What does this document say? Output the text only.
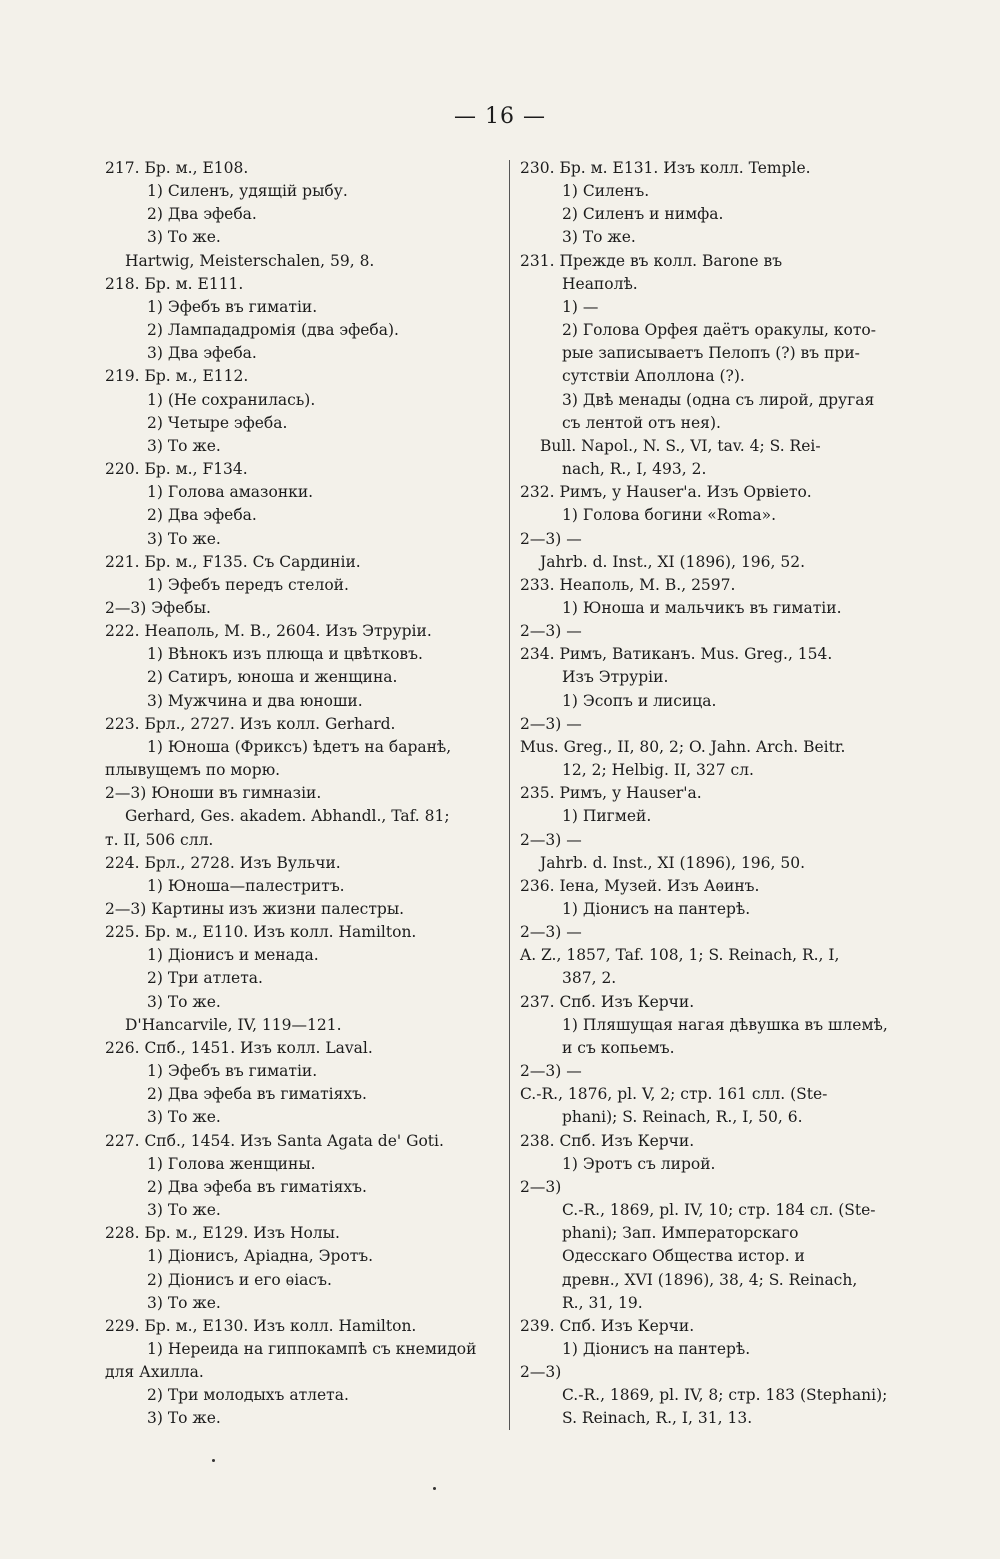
— 16 —
217. Бр. м., E108.
1) Силенъ, удящій рыбу.
2) Два эфеба.
3) То же.
Hartwig, Meisterschalen, 59, 8.
218. Бр. м. E111.
1) Эфебъ въ гиматіи.
2) Лампададромія (два эфеба).
3) Два эфеба.
219. Бр. м., E112.
1) (Не сохранилась).
2) Четыре эфеба.
3) То же.
220. Бр. м., F134.
1) Голова амазонки.
2) Два эфеба.
3) То же.
221. Бр. м., F135. Съ Сардиніи.
1) Эфебъ передъ стелой.
2—3) Эфебы.
222. Неаполь, М. В., 2604. Изъ Этруріи.
1) Вѣнокъ изъ плюща и цвѣтковъ.
2) Сатиръ, юноша и женщина.
3) Мужчина и два юноши.
223. Брл., 2727. Изъ колл. Gerhard.
1) Юноша (Фриксъ) ѣдетъ на баранѣ,
плывущемъ по морю.
2—3) Юноши въ гимназіи.
Gerhard, Ges. akadem. Abhandl., Taf. 81;
т. II, 506 слл.
224. Брл., 2728. Изъ Вульчи.
1) Юноша—палестритъ.
2—3) Картины изъ жизни палестры.
225. Бр. м., E110. Изъ колл. Hamilton.
1) Діонисъ и менада.
2) Три атлета.
3) То же.
D'Hancarvile, IV, 119—121.
226. Спб., 1451. Изъ колл. Laval.
1) Эфебъ въ гиматіи.
2) Два эфеба въ гиматіяхъ.
3) То же.
227. Спб., 1454. Изъ Santa Agata de' Goti.
1) Голова женщины.
2) Два эфеба въ гиматіяхъ.
3) То же.
228. Бр. м., E129. Изъ Нолы.
1) Діонисъ, Аріадна, Эротъ.
2) Діонисъ и его ѳіасъ.
3) То же.
229. Бр. м., E130. Изъ колл. Hamilton.
1) Нереида на гиппокампѣ съ кнемидой
для Ахилла.
2) Три молодыхъ атлета.
3) То же.
230. Бр. м. E131. Изъ колл. Temple.
1) Силенъ.
2) Силенъ и нимфа.
3) То же.
231. Прежде въ колл. Barone въ
Неаполѣ.
1) —
2) Голова Орфея даётъ оракулы, кото-
рые записываетъ Пелопъ (?) въ при-
сутствіи Аполлона (?).
3) Двѣ менады (одна съ лирой, другая
съ лентой отъ нея).
Bull. Napol., N. S., VI, tav. 4; S. Rei-
nach, R., I, 493, 2.
232. Римъ, у Hauser'а. Изъ Орвіето.
1) Голова богини «Roma».
2—3) —
Jahrb. d. Inst., XI (1896), 196, 52.
233. Неаполь, М. В., 2597.
1) Юноша и мальчикъ въ гиматіи.
2—3) —
234. Римъ, Ватиканъ. Mus. Greg., 154.
Изъ Этруріи.
1) Эсопъ и лисица.
2—3) —
Mus. Greg., II, 80, 2; O. Jahn. Arch. Beitr.
12, 2; Helbig. II, 327 сл.
235. Римъ, у Hauser'а.
1) Пигмей.
2—3) —
Jahrb. d. Inst., XI (1896), 196, 50.
236. Іена, Музей. Изъ Аѳинъ.
1) Діонисъ на пантерѣ.
2—3) —
A. Z., 1857, Taf. 108, 1; S. Reinach, R., I,
387, 2.
237. Спб. Изъ Керчи.
1) Пляшущая нагая дѣвушка въ шлемѣ,
и съ копьемъ.
2—3) —
C.-R., 1876, pl. V, 2; стр. 161 слл. (Ste-
phani); S. Reinach, R., I, 50, 6.
238. Спб. Изъ Керчи.
1) Эротъ съ лирой.
2—3)
C.-R., 1869, pl. IV, 10; стр. 184 сл. (Ste-
phani); Зап. Императорскаго
Одесскаго Общества истор. и
древн., XVI (1896), 38, 4; S. Reinach,
R., 31, 19.
239. Спб. Изъ Керчи.
1) Діонисъ на пантерѣ.
2—3)
C.-R., 1869, pl. IV, 8; стр. 183 (Stephani);
S. Reinach, R., I, 31, 13.
